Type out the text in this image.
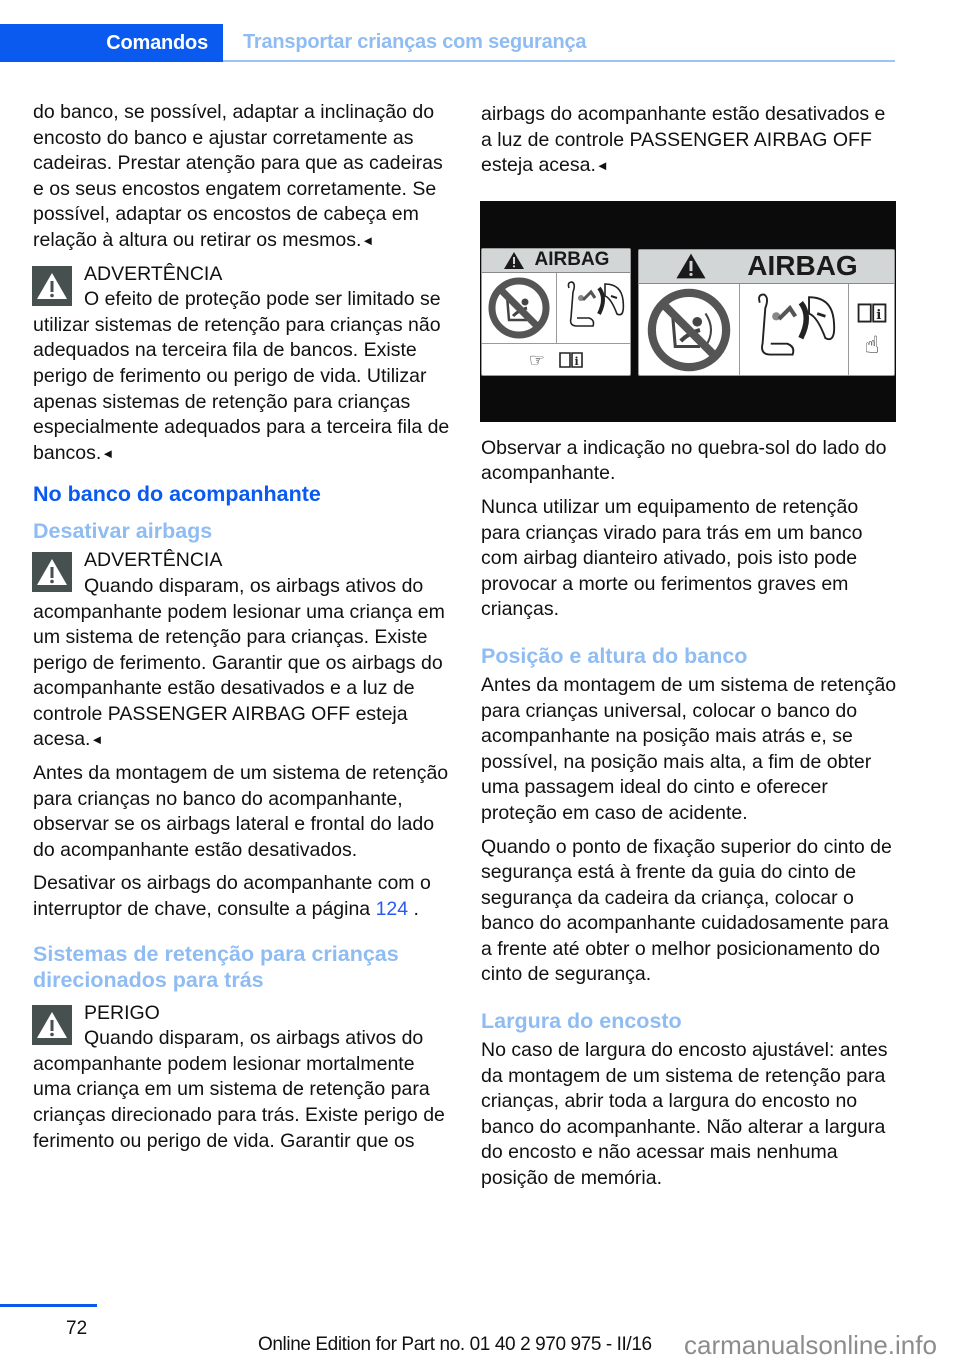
Comandos Transportar crianças com segurança

do banco, se possível, adaptar a inclinação do encosto do banco e ajustar corretamente as cadeiras. Prestar atenção para que as cadeiras e os seus encostos engatem corretamente. Se possível, adaptar os encostos de cabeça em relação à altura ou retirar os mesmos.◄

ADVERTÊNCIA
O efeito de proteção pode ser limitado se utilizar sistemas de retenção para crianças não adequados na terceira fila de bancos. Existe perigo de ferimento ou perigo de vida. Utilizar apenas sistemas de retenção para crianças especialmente adequados para a terceira fila de bancos.◄
No banco do acompanhante
Desativar airbags
ADVERTÊNCIA
Quando disparam, os airbags ativos do acompanhante podem lesionar uma criança em um sistema de retenção para crianças. Existe perigo de ferimento. Garantir que os airbags do acompanhante estão desativados e a luz de controle PASSENGER AIRBAG OFF esteja acesa.◄

Antes da montagem de um sistema de retenção para crianças no banco do acompanhante, observar se os airbags lateral e frontal do lado do acompanhante estão desativados.

Desativar os airbags do acompanhante com o interruptor de chave, consulte a página 124 .

Sistemas de retenção para crianças direcionados para trás
PERIGO
Quando disparam, os airbags ativos do acompanhante podem lesionar mortalmente uma criança em um sistema de retenção para crianças direcionado para trás. Existe perigo de ferimento ou perigo de vida. Garantir que os

airbags do acompanhante estão desativados e a luz de controle PASSENGER AIRBAG OFF esteja acesa.◄

AIRBAG
☞	i
AIRBAG
i
☝

Observar a indicação no quebra-sol do lado do acompanhante.

Nunca utilizar um equipamento de retenção para crianças virado para trás em um banco com airbag dianteiro ativado, pois isto pode provocar a morte ou ferimentos graves em crianças.

Posição e altura do banco

Antes da montagem de um sistema de retenção para crianças universal, colocar o banco do acompanhante na posição mais atrás e, se possível, na posição mais alta, a fim de obter uma passagem ideal do cinto e oferecer proteção em caso de acidente.

Quando o ponto de fixação superior do cinto de segurança está à frente da guia do cinto de segurança da cadeira da criança, colocar o banco do acompanhante cuidadosamente para a frente até obter o melhor posicionamento do cinto de segurança.

Largura do encosto

No caso de largura do encosto ajustável: antes da montagem de um sistema de retenção para crianças, abrir toda a largura do encosto no banco do acompanhante. Não alterar a largura do encosto e não acessar mais nenhuma posição de memória.

72
Online Edition for Part no. 01 40 2 970 975 - II/16 carmanualsonline.info
